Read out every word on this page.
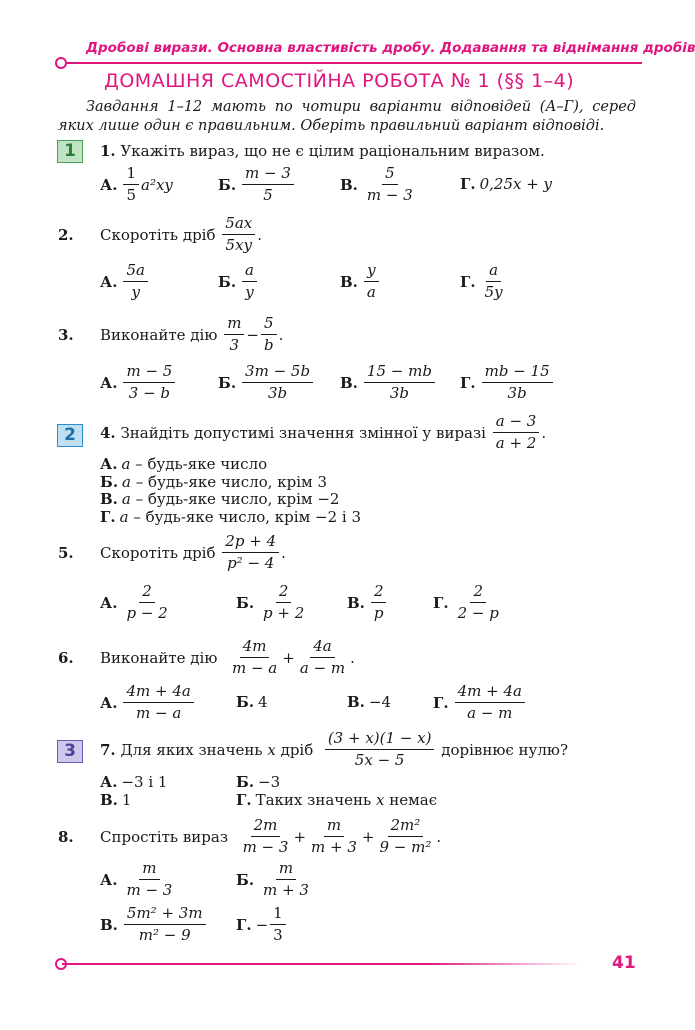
Дробові вирази. Основна властивість дробу. Додавання та віднімання дробів
ДОМАШНЯ САМОСТІЙНА РОБОТА № 1 (§§ 1–4)
Завдання 1–12 мають по чотири варіанти відповідей (А–Г), серед яких лише один є правильним. Оберіть правильний варіант відповіді.
1
2
3
1.
Укажіть вираз, що не є цілим раціональним виразом.
А. $\frac{1}{5} a^2xy$	Б. $\frac{m - 3}{5}$	В. $\frac{5}{m - 3}$	Г. 0,25x + y
2.	Скоротіть дріб
$\frac{5ax}{5xy}$ .
А. $\frac{5a}{y}$	Б. $\frac{a}{y}$	В. $\frac{y}{a}$	Г. $\frac{a}{5y}$
3.	Виконайте дію
$\frac{m}{3} - \frac{5}{b}$ .
А. $\frac{m - 5}{3 - b}$	Б. $\frac{3m - 5b}{3b} В$. $\frac{15 - mb}{3b} Г$. $\frac{mb - 15}{3b}$
4.
Знайдіть допустимі значення змінної у виразі
$\frac{a - 3}{a + 2}$ .
А. a – будь-яке число
Б. a – будь-яке число, крім 3
В. a – будь-яке число, крім −2
Г. a – будь-яке число, крім −2 і 3
5.	Скоротіть дріб
$\frac{2p + 4}{\text{p² − 4}}$ .
А. $\frac{2}{p - 2}$	Б. $\frac{2}{p + 2}$	В. $\frac{2}{p}$	Г. $\frac{2}{2 - p}$
6.	Виконайте дію
$\frac{4m}{m - a} + \frac{4a}{a - m}$ .
А. $\frac{4m + 4a}{m - a}$	Б. 4	В. −4	Г. $\frac{4m + 4a}{a - m}$
7.
Для яких значень
x
дріб
$\frac{(3 + x)(1 - x)}{5x - 5}$
дорівнює нулю?
А. −3 і 1	Б. −3
В. 1	Г. Таких значень x немає
8.	Спростіть вираз
$\frac{2m}{m - 3} + \frac{m}{m + 3} + \frac{\text{2m²}}{\text{9 − m²}}$ .
А. $\frac{m}{m - 3}$	Б. $\frac{m}{m + 3}$
В. $\frac{\text{5m² + 3m}}{\text{m² − 9}} Г$. − $\frac{1}{3}$
41
